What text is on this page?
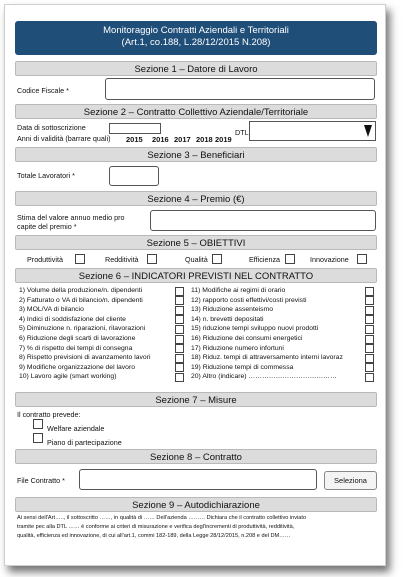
Monitoraggio Contratti Aziendali e Territoriali
(Art.1, co.188, L.28/12/2015 N.208)
Sezione 1 – Datore di Lavoro
Codice Fiscale *
Sezione 2 – Contratto Collettivo Aziendale/Territoriale
Data di sottoscrizione
Anni di validità (barrare quali) 2015 2016 2017 2018 2019
DTL
Sezione 3 – Beneficiari
Totale Lavoratori *
Sezione 4 – Premio (€)
Stima del valore annuo medio pro
capite del premio *
Sezione 5 – OBIETTIVI
Produttività	Redditività	Qualità	Efficienza	Innovazione
Sezione 6 – INDICATORI PREVISTI NEL CONTRATTO
1) Volume della produzione/n. dipendenti
2) Fatturato o VA di bilancio/n. dipendenti
3) MOL/VA di bilancio
4) Indici di soddisfazione del cliente
5) Diminuzione n. riparazioni, rilavorazioni
6) Riduzione degli scarti di lavorazione
7) % di rispetto dei tempi di consegna
8) Rispetto previsioni di avanzamento lavori
9) Modifiche organizzazione del lavoro
10) Lavoro agile (smart working)
11) Modifiche ai regimi di orario
12) rapporto costi effettivi/costi previsti
13) Riduzione assenteismo
14) n. brevetti depositati
15) riduzione tempi sviluppo nuovi prodotti
16) Riduzione dei consumi energetici
17) Riduzione numero infortuni
18) Riduz. tempi di attraversamento interni lavoraz
19) Riduzione tempi di commessa
20) Altro (indicare) …………………………………
Sezione 7 – Misure
Il contratto prevede:
Welfare aziendale
Piano di partecipazione
Sezione 8 – Contratto
File Contratto *	Seleziona
Sezione 9 – Autodichiarazione
Ai sensi dell'Art….., il sottoscritto ……, in qualità di …… Dell'azienda ……… Dichiara che il contratto collettivo inviato
tramite pec alla DTL …… è conforme ai criteri di misurazione e verifica degl'incrementi di produttività, redditività,
qualità, efficienza ed innovazione, di cui all'art.1, commi 182-189, della Legge 28/12/2015, n.208 e del DM……
